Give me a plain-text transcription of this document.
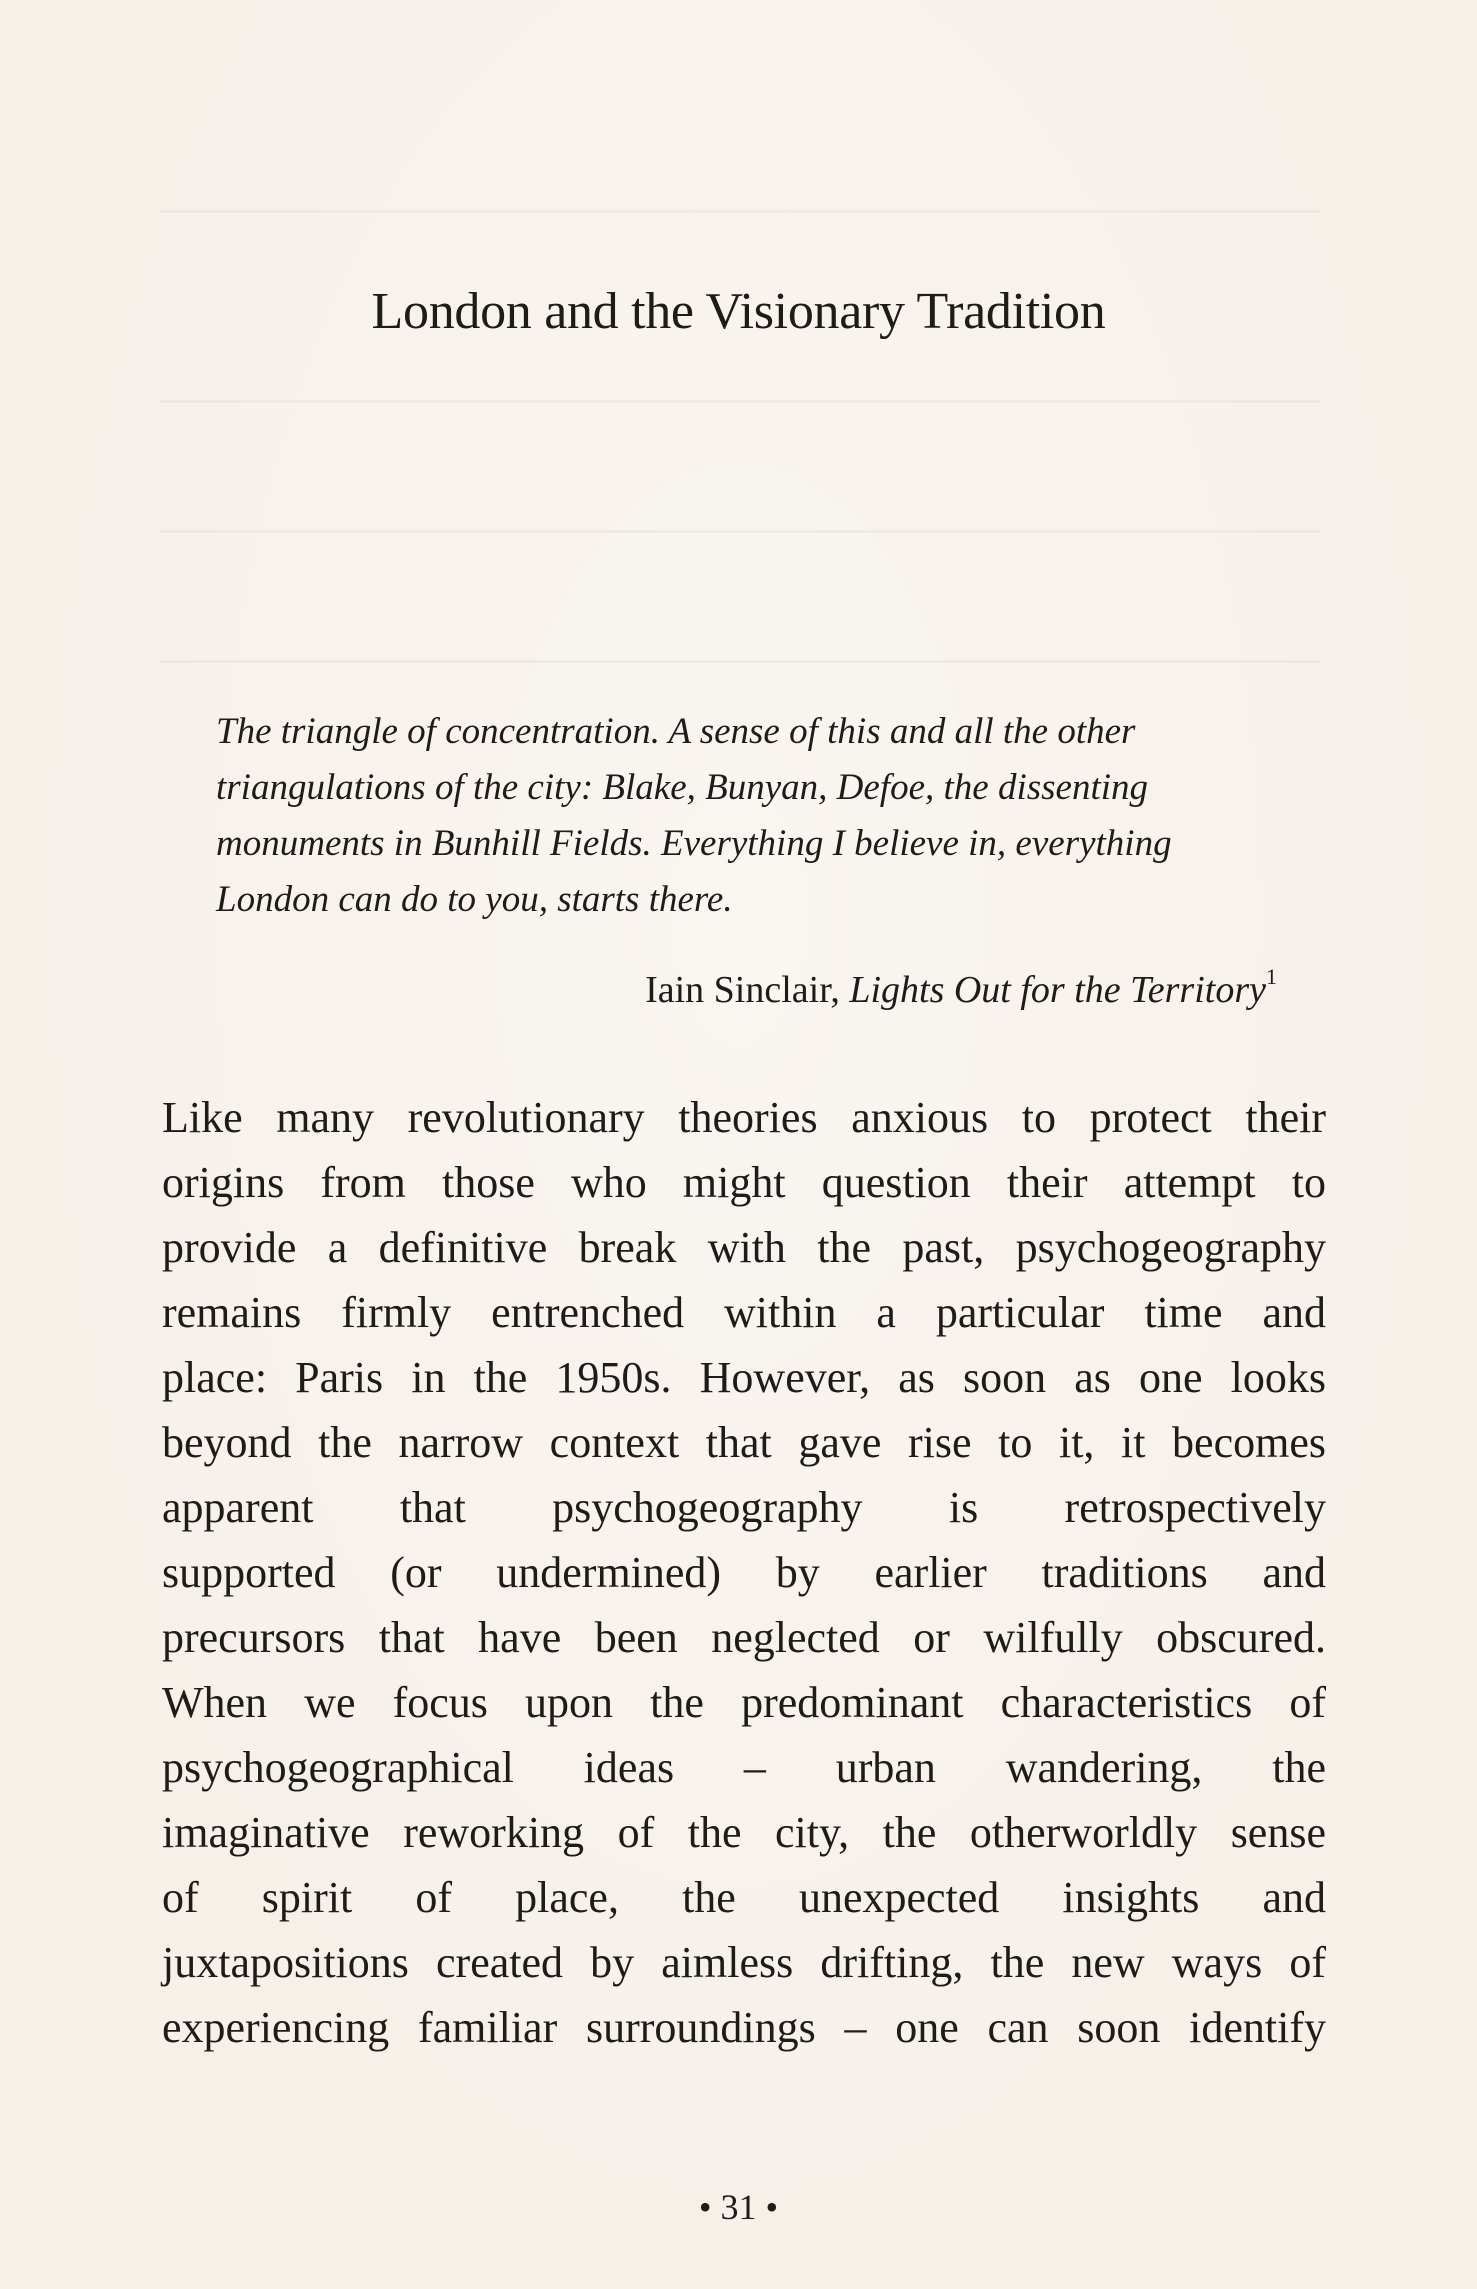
London and the Visionary Tradition
The triangle of concentration. A sense of this and all the other
triangulations of the city: Blake, Bunyan, Defoe, the dissenting
monuments in Bunhill Fields. Everything I believe in, everything
London can do to you, starts there.

Iain Sinclair, Lights Out for the Territory$^1$

Like many revolutionary theories anxious to protect their
origins from those who might question their attempt to
provide a definitive break with the past, psychogeography
remains firmly entrenched within a particular time and
place: Paris in the 1950s. However, as soon as one looks
beyond the narrow context that gave rise to it, it becomes
apparent that psychogeography is retrospectively
supported (or undermined) by earlier traditions and
precursors that have been neglected or wilfully obscured.
When we focus upon the predominant characteristics of
psychogeographical ideas – urban wandering, the
imaginative reworking of the city, the otherworldly sense
of spirit of place, the unexpected insights and
juxtapositions created by aimless drifting, the new ways of
experiencing familiar surroundings – one can soon identify

• 31 •
